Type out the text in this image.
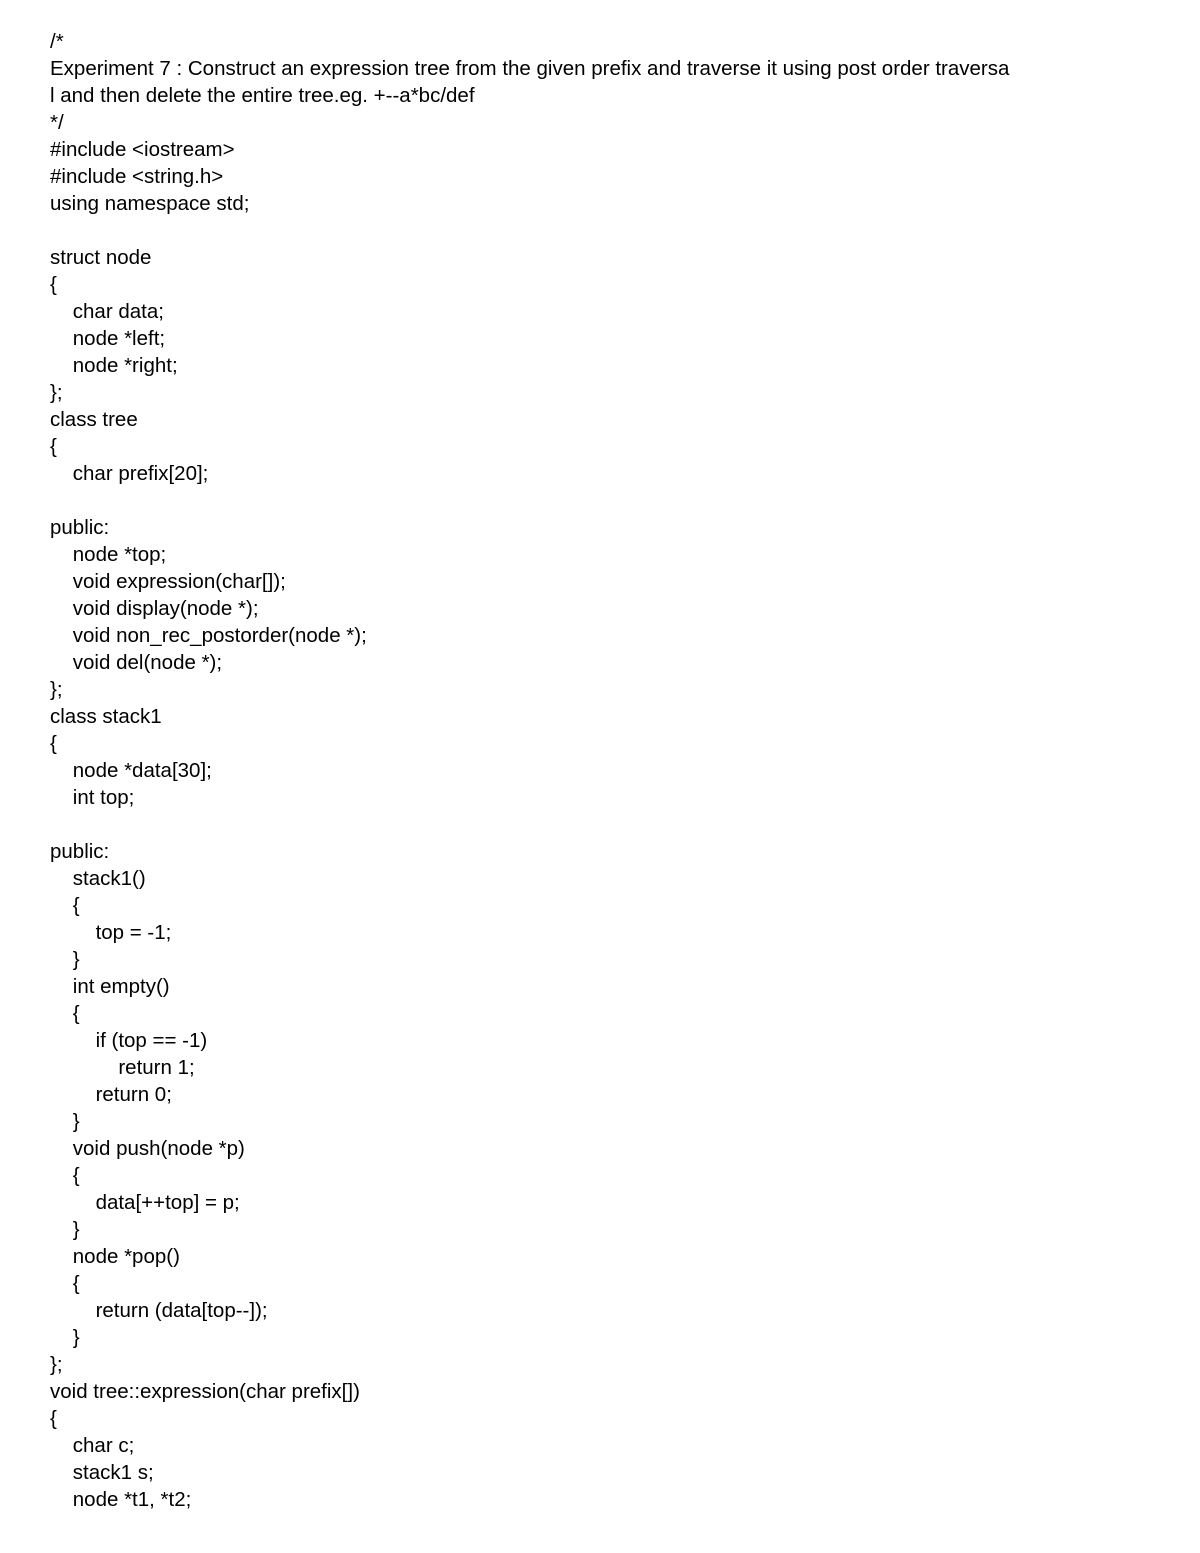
/*
Experiment 7 : Construct an expression tree from the given prefix and traverse it using post order traversa
l and then delete the entire tree.eg. +--a*bc/def
*/
#include <iostream>
#include <string.h>
using namespace std;
struct node
{
char data;
node *left;
node *right;
};
class tree
{
char prefix[20];
public:
node *top;
void expression(char[]);
void display(node *);
void non_rec_postorder(node *);
void del(node *);
};
class stack1
{
node *data[30];
int top;
public:
stack1()
{
top = -1;
}
int empty()
{
if (top == -1)
return 1;
return 0;
}
void push(node *p)
{
data[++top] = p;
}
node *pop()
{
return (data[top--]);
}
};
void tree::expression(char prefix[])
{
char c;
stack1 s;
node *t1, *t2;
